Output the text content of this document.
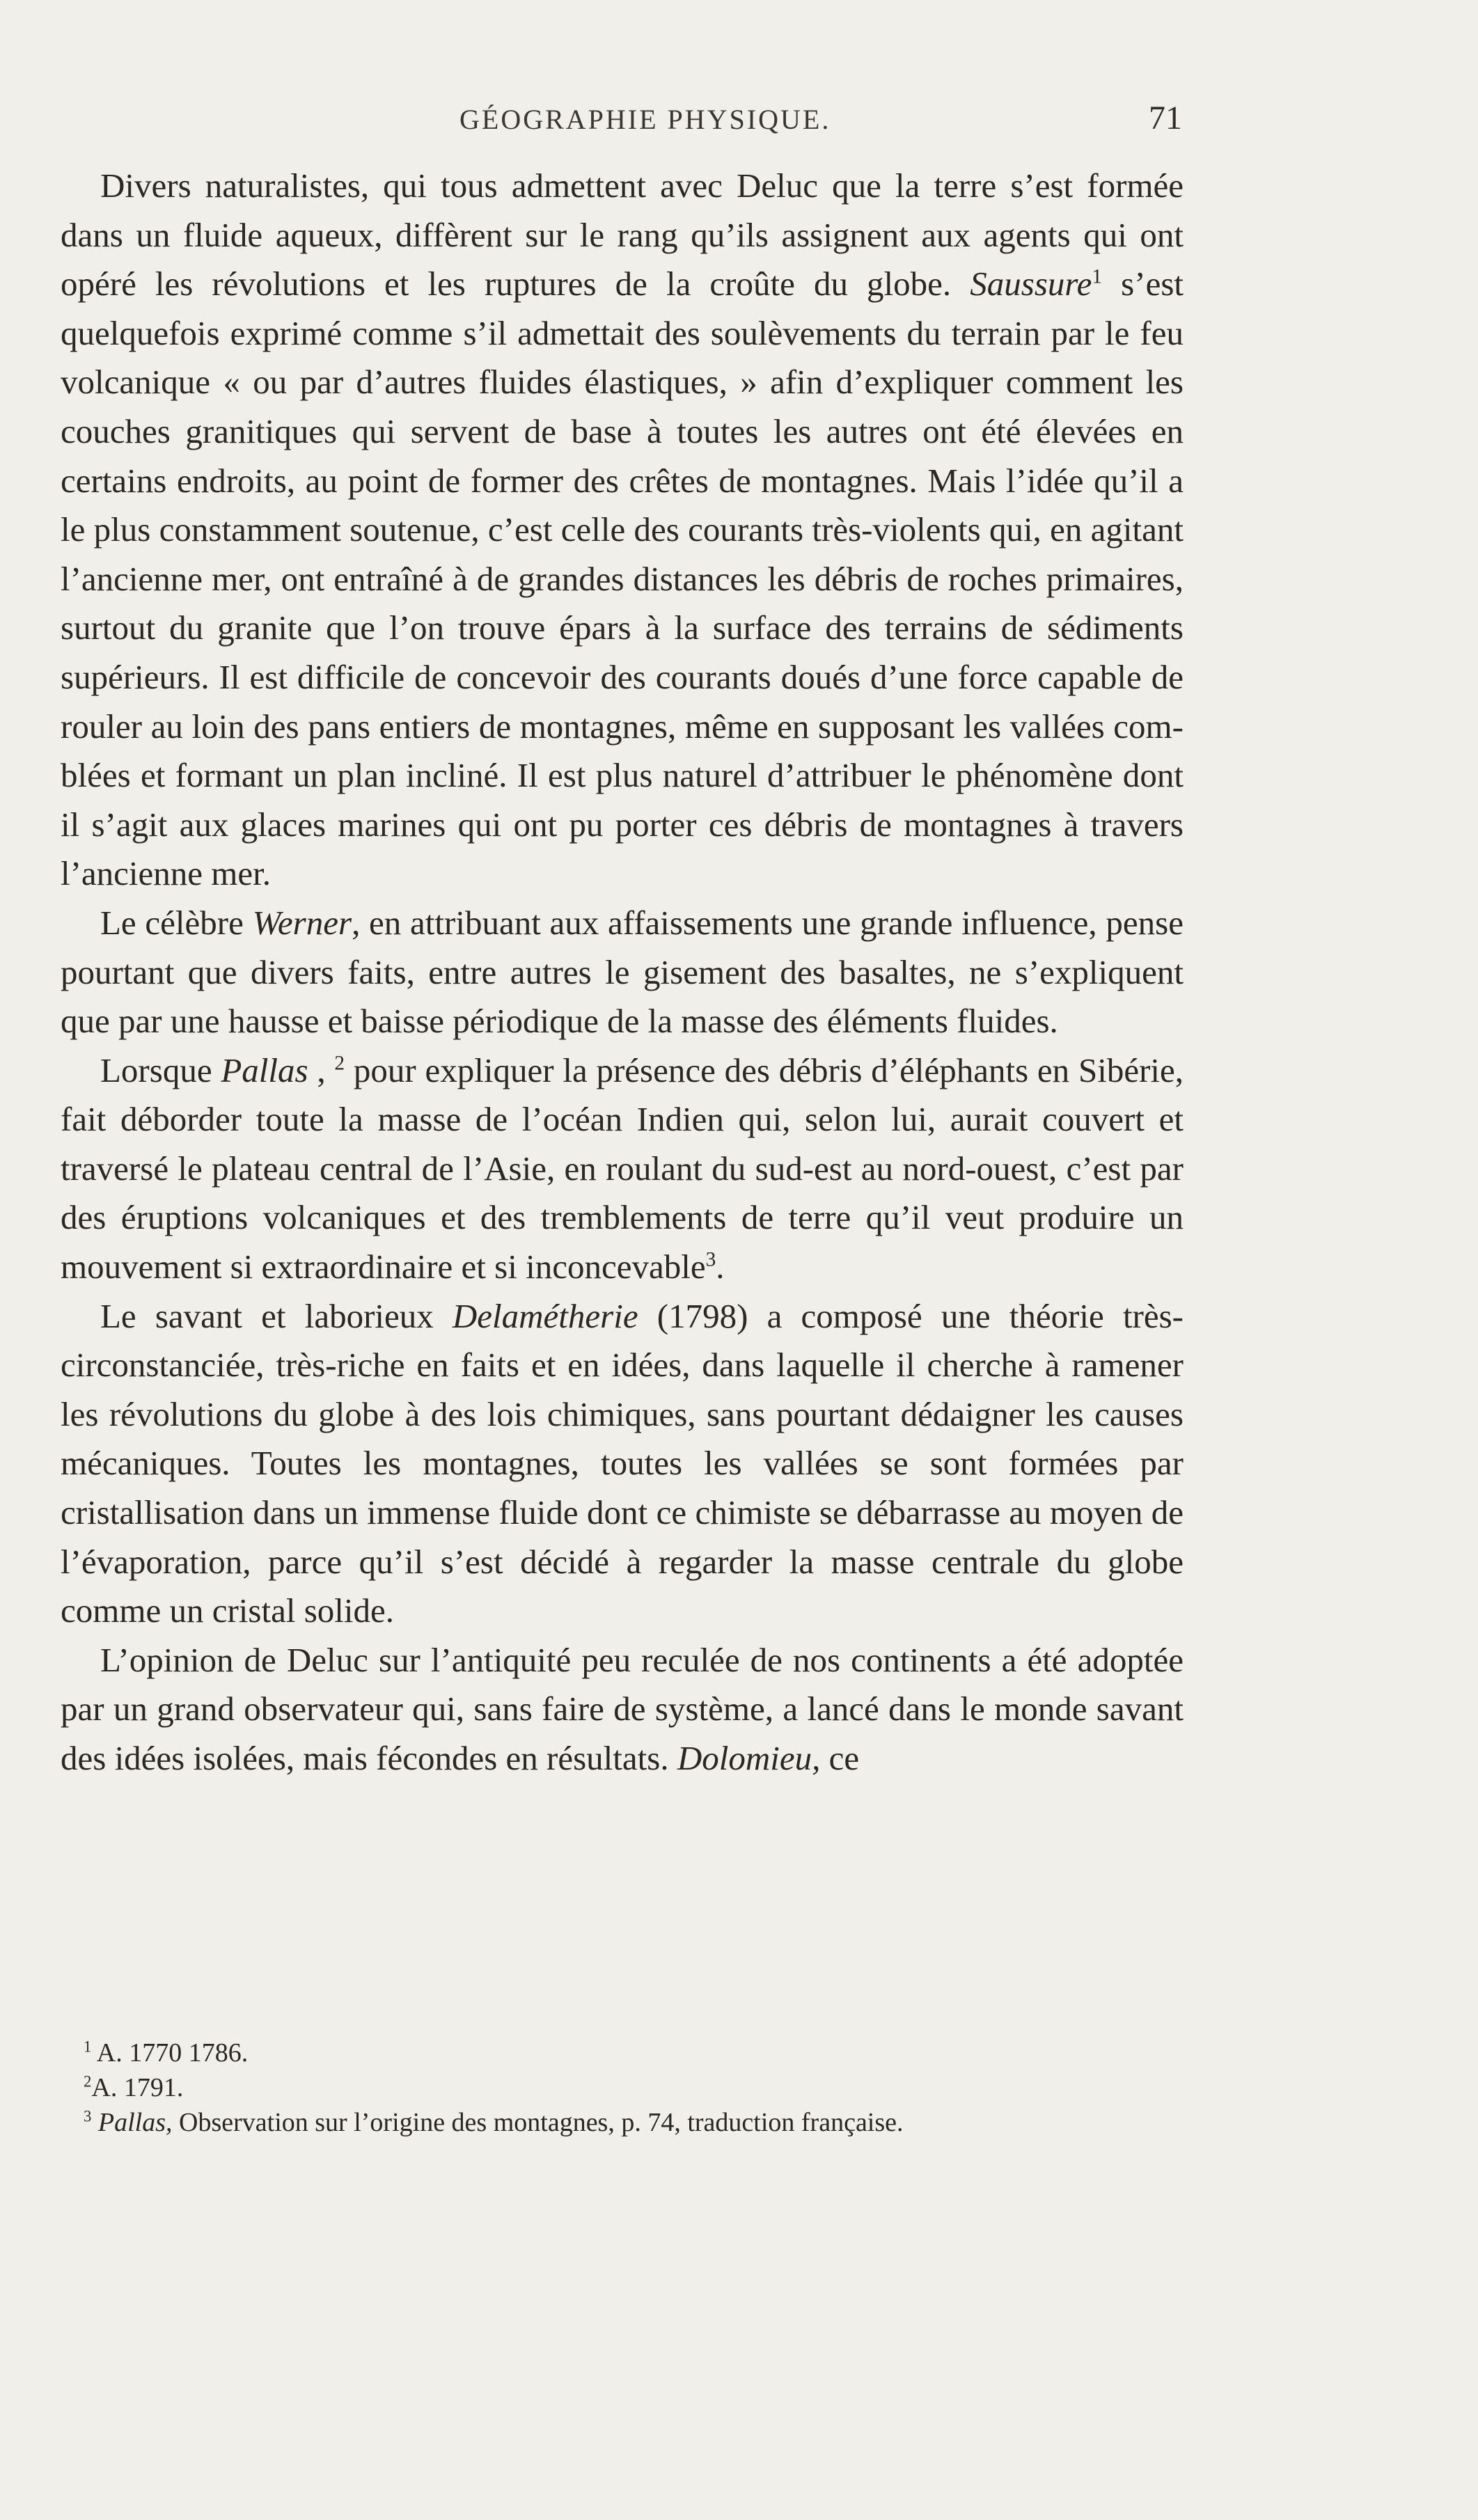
GÉOGRAPHIE PHYSIQUE.	71

Divers naturalistes, qui tous admettent avec Deluc que la terre s’est formée dans un fluide aqueux, diffèrent sur le rang qu’ils assignent aux agents qui ont opéré les révolutions et les ruptures de la croûte du globe. Saussure$^1$ s’est quelquefois exprimé comme s’il admettait des soulèvements du terrain par le feu volcanique « ou par d’autres fluides élastiques, » afin d’expliquer comment les couches granitiques qui servent de base à toutes les autres ont été élevées en certains endroits, au point de former des crêtes de montagnes. Mais l’idée qu’il a le plus constamment soutenue, c’est celle des courants très-violents qui, en agitant l’ancienne mer, ont entraîné à de grandes distances les débris de roches primaires, surtout du granite que l’on trouve épars à la surface des terrains de sédiments supérieurs. Il est difficile de concevoir des courants doués d’une force capable de rouler au loin des pans entiers de montagnes, même en supposant les vallées comblées et formant un plan incliné. Il est plus naturel d’attribuer le phénomène dont il s’agit aux glaces marines qui ont pu porter ces débris de montagnes à travers l’ancienne mer.

Le célèbre Werner, en attribuant aux affaissements une grande influence, pense pourtant que divers faits, entre autres le gisement des basaltes, ne s’expliquent que par une hausse et baisse périodique de la masse des éléments fluides.

Lorsque Pallas , $^2$ pour expliquer la présence des débris d’éléphants en Sibérie, fait déborder toute la masse de l’océan Indien qui, selon lui, aurait couvert et traversé le plateau central de l’Asie, en roulant du sud-est au nord-ouest, c’est par des éruptions volcaniques et des tremblements de terre qu’il veut produire un mouvement si extraordinaire et si inconcevable$^3$.

Le savant et laborieux Delamétherie (1798) a composé une théorie très-circonstanciée, très-riche en faits et en idées, dans laquelle il cherche à ramener les révolutions du globe à des lois chimiques, sans pourtant dédaigner les causes mécaniques. Toutes les montagnes, toutes les vallées se sont formées par cristallisation dans un immense fluide dont ce chimiste se débarrasse au moyen de l’évaporation, parce qu’il s’est décidé à regarder la masse centrale du globe comme un cristal solide.

L’opinion de Deluc sur l’antiquité peu reculée de nos continents a été adoptée par un grand observateur qui, sans faire de système, a lancé dans le monde savant des idées isolées, mais fécondes en résultats. Dolomieu, ce

$^1$ A. 1770 1786.

$^2$A. 1791.

$^3$ Pallas, Observation sur l’origine des montagnes, p. 74, traduction française.
